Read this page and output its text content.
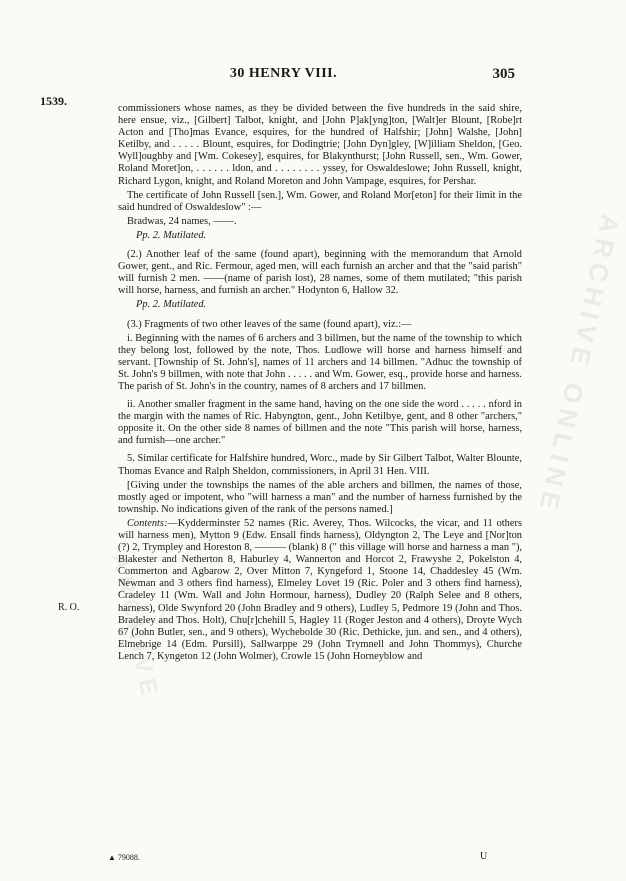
30 HENRY VIII.	305
1539.
ARCHIVE ONLINE
ARCHIVE
R. O.

commissioners whose names, as they be divided between the five hundreds in the said shire, here ensue, viz., [Gilbert] Talbot, knight, and [John P]ak[yng]ton, [Walt]er Blount, [Robe]rt Acton and [Tho]mas Evance, esquires, for the hundred of Halfshir; [John] Walshe, [John] Ketilby, and . . . . . Blount, esquires, for Dodingtrie; [John Dyn]gley, [W]illiam Sheldon, [Geo. Wyll]oughby and [Wm. Cokesey], esquires, for Blakynthurst; [John Russell, sen., Wm. Gower, Roland Moret]on, . . . . . . ldon, and . . . . . . . . yssey, for Oswaldeslowe; John Russell, knight, Richard Lygon, knight, and Roland Moreton and John Vampage, esquires, for Pershar.

The certificate of John Russell [sen.], Wm. Gower, and Roland Mor[eton] for their limit in the said hundred of Oswaldeslow" :—

Bradwas, 24 names, ——.

Pp. 2. Mutilated.

(2.) Another leaf of the same (found apart), beginning with the memorandum that Arnold Gower, gent., and Ric. Fermour, aged men, will each furnish an archer and that the "said parish" will furnish 2 men. ——(name of parish lost), 28 names, some of them mutilated; "this parish will horse, harness, and furnish an archer." Hodynton 6, Hallow 32.

Pp. 2. Mutilated.

(3.) Fragments of two other leaves of the same (found apart), viz.:—

i. Beginning with the names of 6 archers and 3 billmen, but the name of the township to which they belong lost, followed by the note, Thos. Ludlowe will horse and harness himself and servant. [Township of St. John's], names of 11 archers and 14 billmen. "Adhuc the township of St. John's 9 billmen, with note that John . . . . . and Wm. Gower, esq., provide horse and harness. The parish of St. John's in the country, names of 8 archers and 17 billmen.

ii. Another smaller fragment in the same hand, having on the one side the word . . . . . nford in the margin with the names of Ric. Habyngton, gent., John Ketilbye, gent, and 8 other "archers," opposite it. On the other side 8 names of billmen and the note "This parish will horse, harness, and furnish—one archer."

5. Similar certificate for Halfshire hundred, Worc., made by Sir Gilbert Talbot, Walter Blounte, Thomas Evance and Ralph Sheldon, commissioners, in April 31 Hen. VIII.

[Giving under the townships the names of the able archers and billmen, the names of those, mostly aged or impotent, who "will harness a man" and the number of harness furnished by the township. No indications given of the rank of the persons named.]

Contents:—Kydderminster 52 names (Ric. Averey, Thos. Wilcocks, the vicar, and 11 others will harness men), Mytton 9 (Edw. Ensall finds harness), Oldyngton 2, The Leye and [Nor]ton (?) 2, Trympley and Horeston 8, ——— (blank) 8 (" this village will horse and harness a man "), Blakester and Netherton 8, Haburley 4, Wannerton and Horcot 2, Frawyshe 2, Pokelston 4, Commerton and Agbarow 2, Over Mitton 7, Kyngeford 1, Stoone 14, Chaddesley 45 (Wm. Newman and 3 others find harness), Elmeley Lovet 19 (Ric. Poler and 3 others find harness), Cradeley 11 (Wm. Wall and John Hormour, harness), Dudley 20 (Ralph Selee and 8 others, harness), Olde Swynford 20 (John Bradley and 9 others), Ludley 5, Pedmore 19 (John and Thos. Bradeley and Thos. Holt), Chu[r]chehill 5, Hagley 11 (Roger Jeston and 4 others), Droyte Wych 67 (John Butler, sen., and 9 others), Wychebolde 30 (Ric. Dethicke, jun. and sen., and 4 others), Elmebrige 14 (Edm. Pursill), Sallwarppe 29 (John Trymnell and John Thommys), Churche Lench 7, Kyngeton 12 (John Wolmer), Crowle 15 (John Horneyblow and

▲ 79088.	U
